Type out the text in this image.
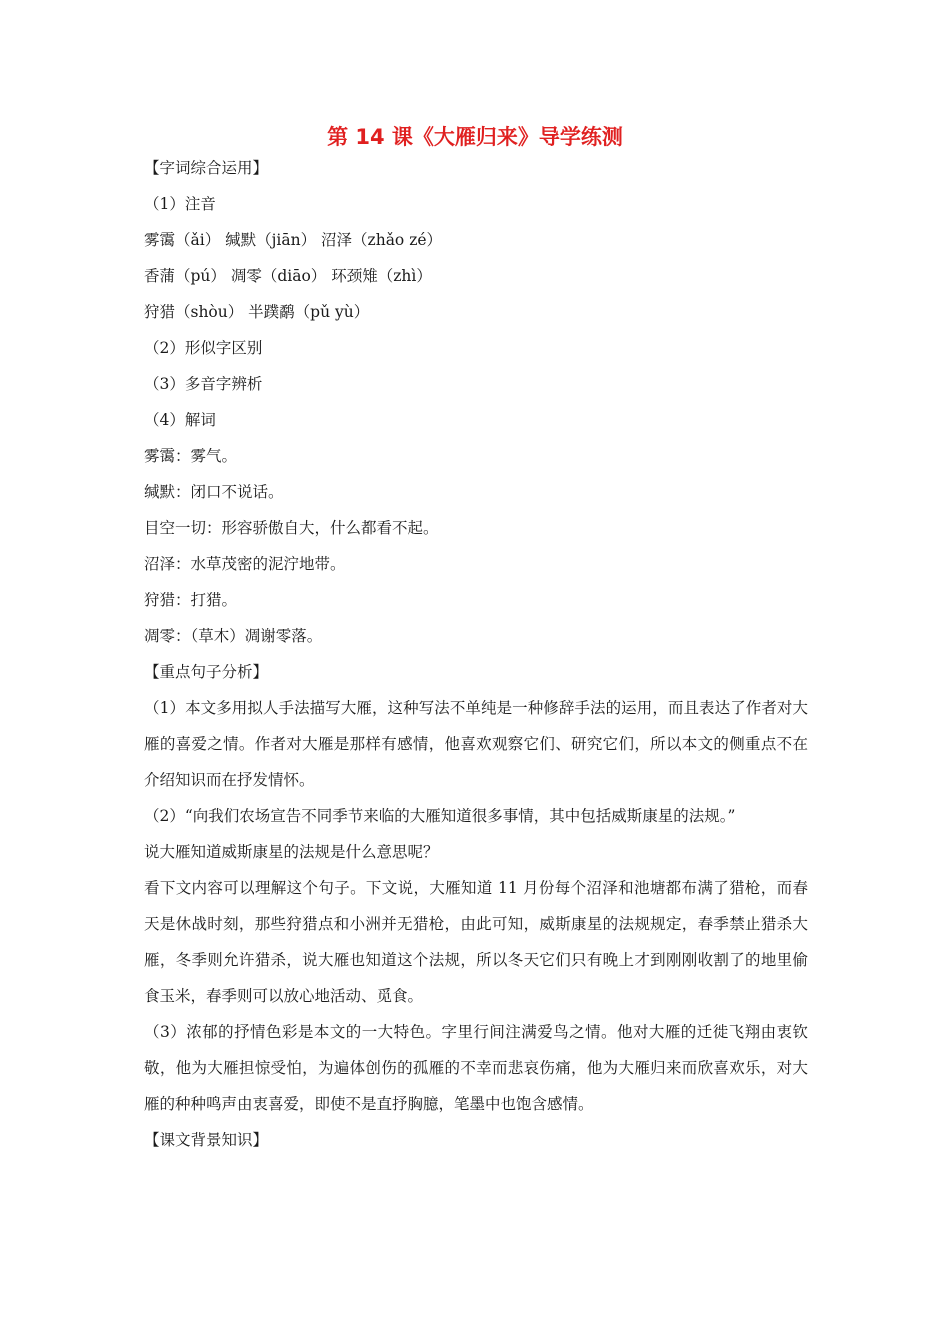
第 14 课《大雁归来》导学练测
【字词综合运用】
（1）注音
雾霭（ǎi） 缄默（jiān） 沼泽（zhǎo zé）
香蒲（pú） 凋零（diāo） 环颈雉（zhì）
狩猎（shòu） 半蹼鹬（pǔ yù）
（2）形似字区别
（3）多音字辨析
（4）解词
雾霭：雾气。
缄默：闭口不说话。
目空一切：形容骄傲自大，什么都看不起。
沼泽：水草茂密的泥泞地带。
狩猎：打猎。
凋零：（草木）凋谢零落。
【重点句子分析】
（1）本文多用拟人手法描写大雁，这种写法不单纯是一种修辞手法的运用，而且表达了作者对大雁的喜爱之情。作者对大雁是那样有感情，他喜欢观察它们、研究它们，所以本文的侧重点不在介绍知识而在抒发情怀。
（2）“向我们农场宣告不同季节来临的大雁知道很多事情，其中包括威斯康星的法规。”
说大雁知道威斯康星的法规是什么意思呢？
看下文内容可以理解这个句子。下文说，大雁知道 11 月份每个沼泽和池塘都布满了猎枪，而春天是休战时刻，那些狩猎点和小洲并无猎枪，由此可知，威斯康星的法规规定，春季禁止猎杀大雁，冬季则允许猎杀，说大雁也知道这个法规，所以冬天它们只有晚上才到刚刚收割了的地里偷食玉米，春季则可以放心地活动、觅食。
（3）浓郁的抒情色彩是本文的一大特色。字里行间注满爱鸟之情。他对大雁的迁徙飞翔由衷钦敬，他为大雁担惊受怕，为遍体创伤的孤雁的不幸而悲哀伤痛，他为大雁归来而欣喜欢乐，对大雁的种种鸣声由衷喜爱，即使不是直抒胸臆，笔墨中也饱含感情。
【课文背景知识】
